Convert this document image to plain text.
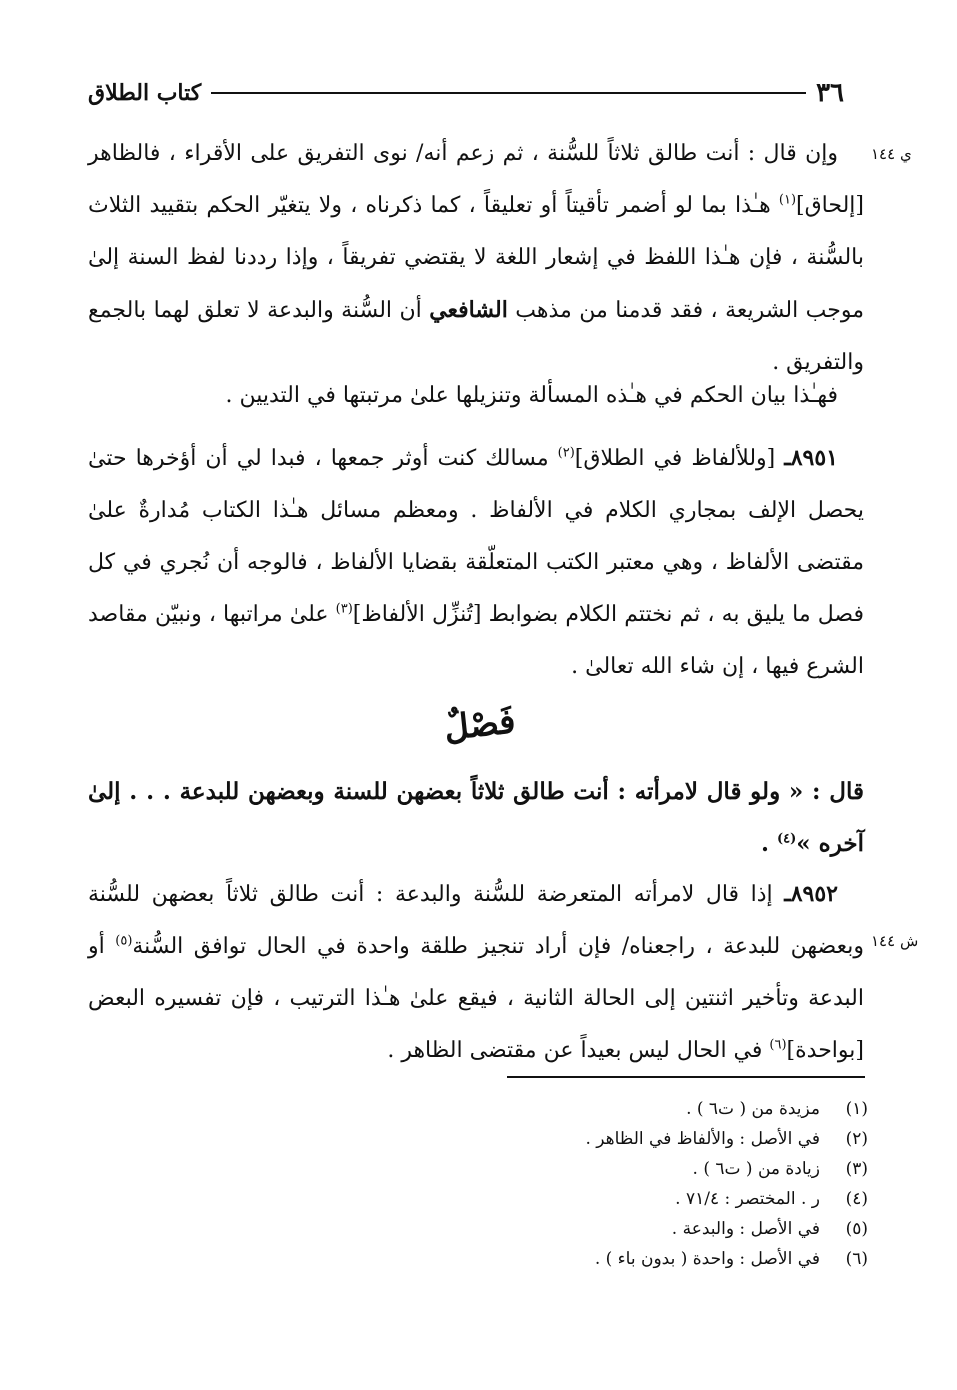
٣٦
كتاب الطلاق
ي ١٤٤
ش ١٤٤

وإن قال : أنت طالق ثلاثاً للسُّنة ، ثم زعم أنه/ نوى التفريق على الأقراء ، فالظاهر [إلحاق]$^{(١)}$ هـٰذا بما لو أضمر تأقيتاً أو تعليقاً ، كما ذكرناه ، ولا يتغيّر الحكم بتقييد الثلاث بالسُّنة ، فإن هـٰذا اللفظ في إشعار اللغة لا يقتضي تفريقاً ، وإذا رددنا لفظ السنة إلىٰ موجب الشريعة ، فقد قدمنا من مذهب الشافعي أن السُّنة والبدعة لا تعلق لهما بالجمع والتفريق .

فهـٰذا بيان الحكم في هـٰذه المسألة وتنزيلها علىٰ مرتبتها في التديين .

٨٩٥١ـ [وللألفاظ في الطلاق]$^{(٢)}$ مسالك كنت أوثر جمعها ، فبدا لي أن أؤخرها حتىٰ يحصل الإلف بمجاري الكلام في الألفاظ . ومعظم مسائل هـٰذا الكتاب مُدارةٌ علىٰ مقتضى الألفاظ ، وهي معتبر الكتب المتعلّقة بقضايا الألفاظ ، فالوجه أن نُجري في كل فصل ما يليق به ، ثم نختتم الكلام بضوابط [تُنزِّل الألفاظ]$^{(٣)}$ علىٰ مراتبها ، ونبيّن مقاصد الشرع فيها ، إن شاء الله تعالىٰ .

فَصْلٌ

قال : « ولو قال لامرأته : أنت طالق ثلاثاً بعضهن للسنة وبعضهن للبدعة . . . إلىٰ آخره »$^{(٤)}$ .

٨٩٥٢ـ إذا قال لامرأته المتعرضة للسُّنة والبدعة : أنت طالق ثلاثاً بعضهن للسُّنة وبعضهن للبدعة ، راجعناه/ فإن أراد تنجيز طلقة واحدة في الحال توافق السُّنة$^{(٥)}$ أو البدعة وتأخير اثنتين إلى الحالة الثانية ، فيقع علىٰ هـٰذا الترتيب ، فإن تفسيره البعض [بواحدة]$^{(٦)}$ في الحال ليس بعيداً عن مقتضى الظاهر .

(١)
مزيدة من ( ت٦ ) .
(٢)
في الأصل : والألفاظ في الظاهر .
(٣)
زيادة من ( ت٦ ) .
(٤)
ر . المختصر : ٧١/٤ .
(٥)
في الأصل : والبدعة .
(٦)
في الأصل : واحدة ( بدون باء ) .
